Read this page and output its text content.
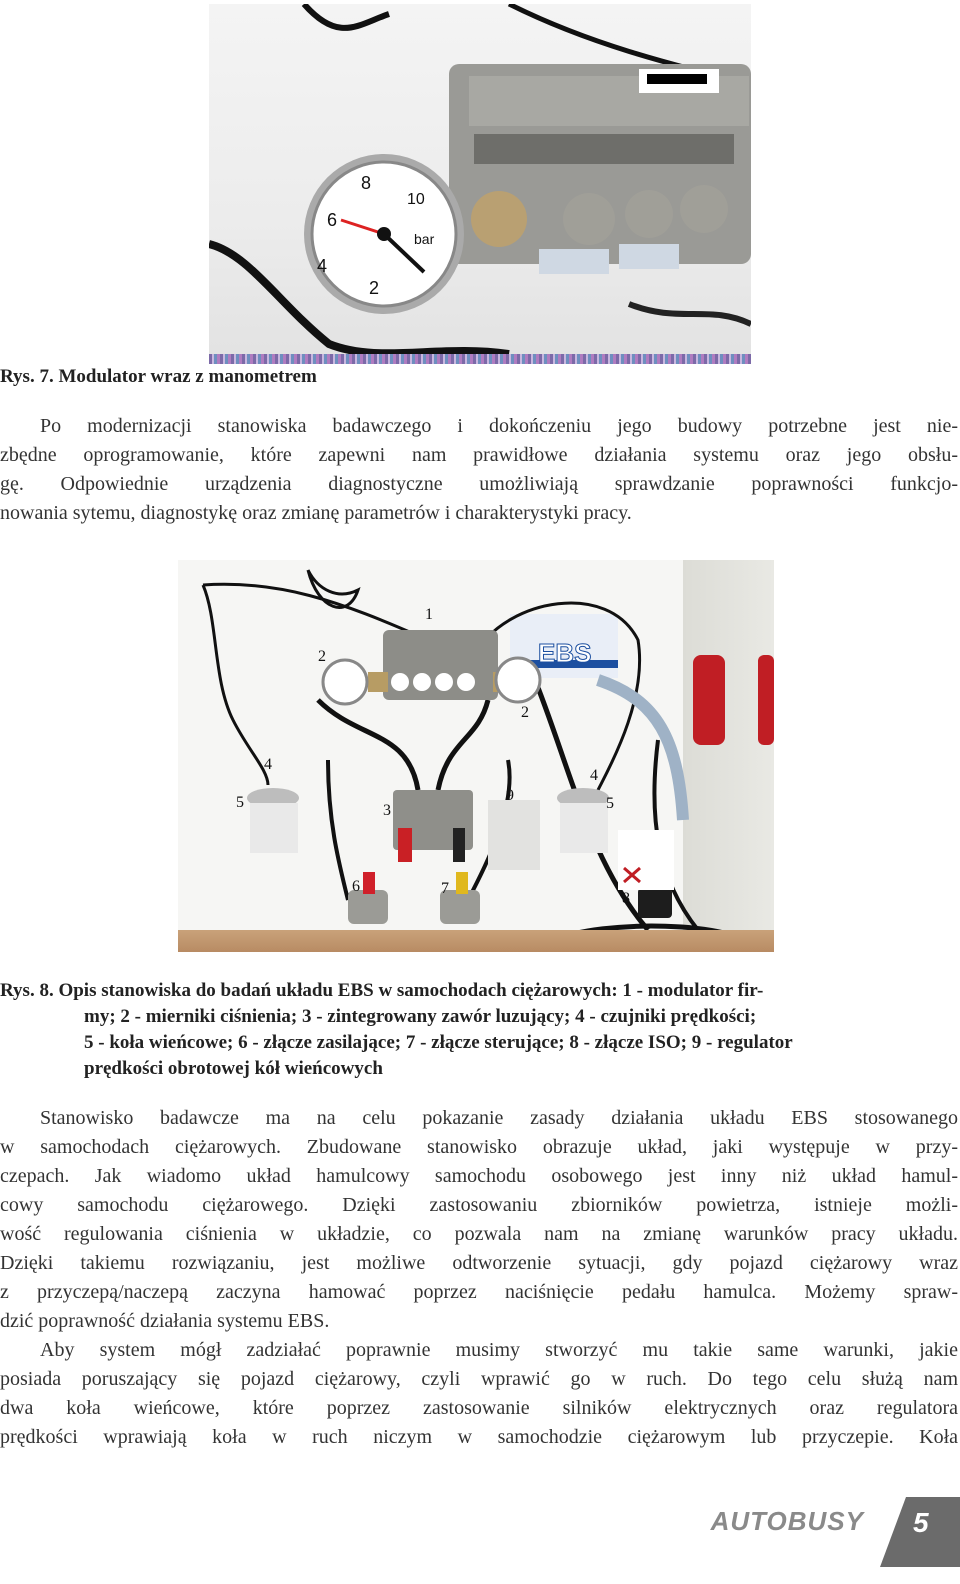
2
4
6
8
10
bar
Rys. 7. Modulator wraz z manometrem
Po modernizacji stanowiska badawczego i dokończeniu jego budowy potrzebne jest nie-
zbędne oprogramowanie, które zapewni nam prawidłowe działania systemu oraz jego obsłu-
gę. Odpowiednie urządzenia diagnostyczne umożliwiają sprawdzanie poprawności funkcjo-
nowania sytemu, diagnostykę oraz zmianę parametrów i charakterystyki pracy.
EBS
1
2
2
3
4
4
5	5
6	7
8
9
Rys. 8. Opis stanowiska do badań układu EBS w samochodach ciężarowych: 1 - modulator fir-
my; 2 - mierniki ciśnienia; 3 - zintegrowany zawór luzujący; 4 - czujniki prędkości;
5 - koła wieńcowe; 6 - złącze zasilające; 7 - złącze sterujące; 8 - złącze ISO; 9 - regulator
prędkości obrotowej kół wieńcowych
Stanowisko badawcze ma na celu pokazanie zasady działania układu EBS stosowanego
w samochodach ciężarowych. Zbudowane stanowisko obrazuje układ, jaki występuje w przy-
czepach. Jak wiadomo układ hamulcowy samochodu osobowego jest inny niż układ hamul-
cowy samochodu ciężarowego. Dzięki zastosowaniu zbiorników powietrza, istnieje możli-
wość regulowania ciśnienia w układzie, co pozwala nam na zmianę warunków pracy układu.
Dzięki takiemu rozwiązaniu, jest możliwe odtworzenie sytuacji, gdy pojazd ciężarowy wraz
z przyczepą/naczepą zaczyna hamować poprzez naciśnięcie pedału hamulca. Możemy spraw-
dzić poprawność działania systemu EBS.
Aby system mógł zadziałać poprawnie musimy stworzyć mu takie same warunki, jakie
posiada poruszający się pojazd ciężarowy, czyli wprawić go w ruch. Do tego celu służą nam
dwa koła wieńcowe, które poprzez zastosowanie silników elektrycznych oraz regulatora
prędkości wprawiają koła w ruch niczym w samochodzie ciężarowym lub przyczepie. Koła
AUTOBUSY 5
